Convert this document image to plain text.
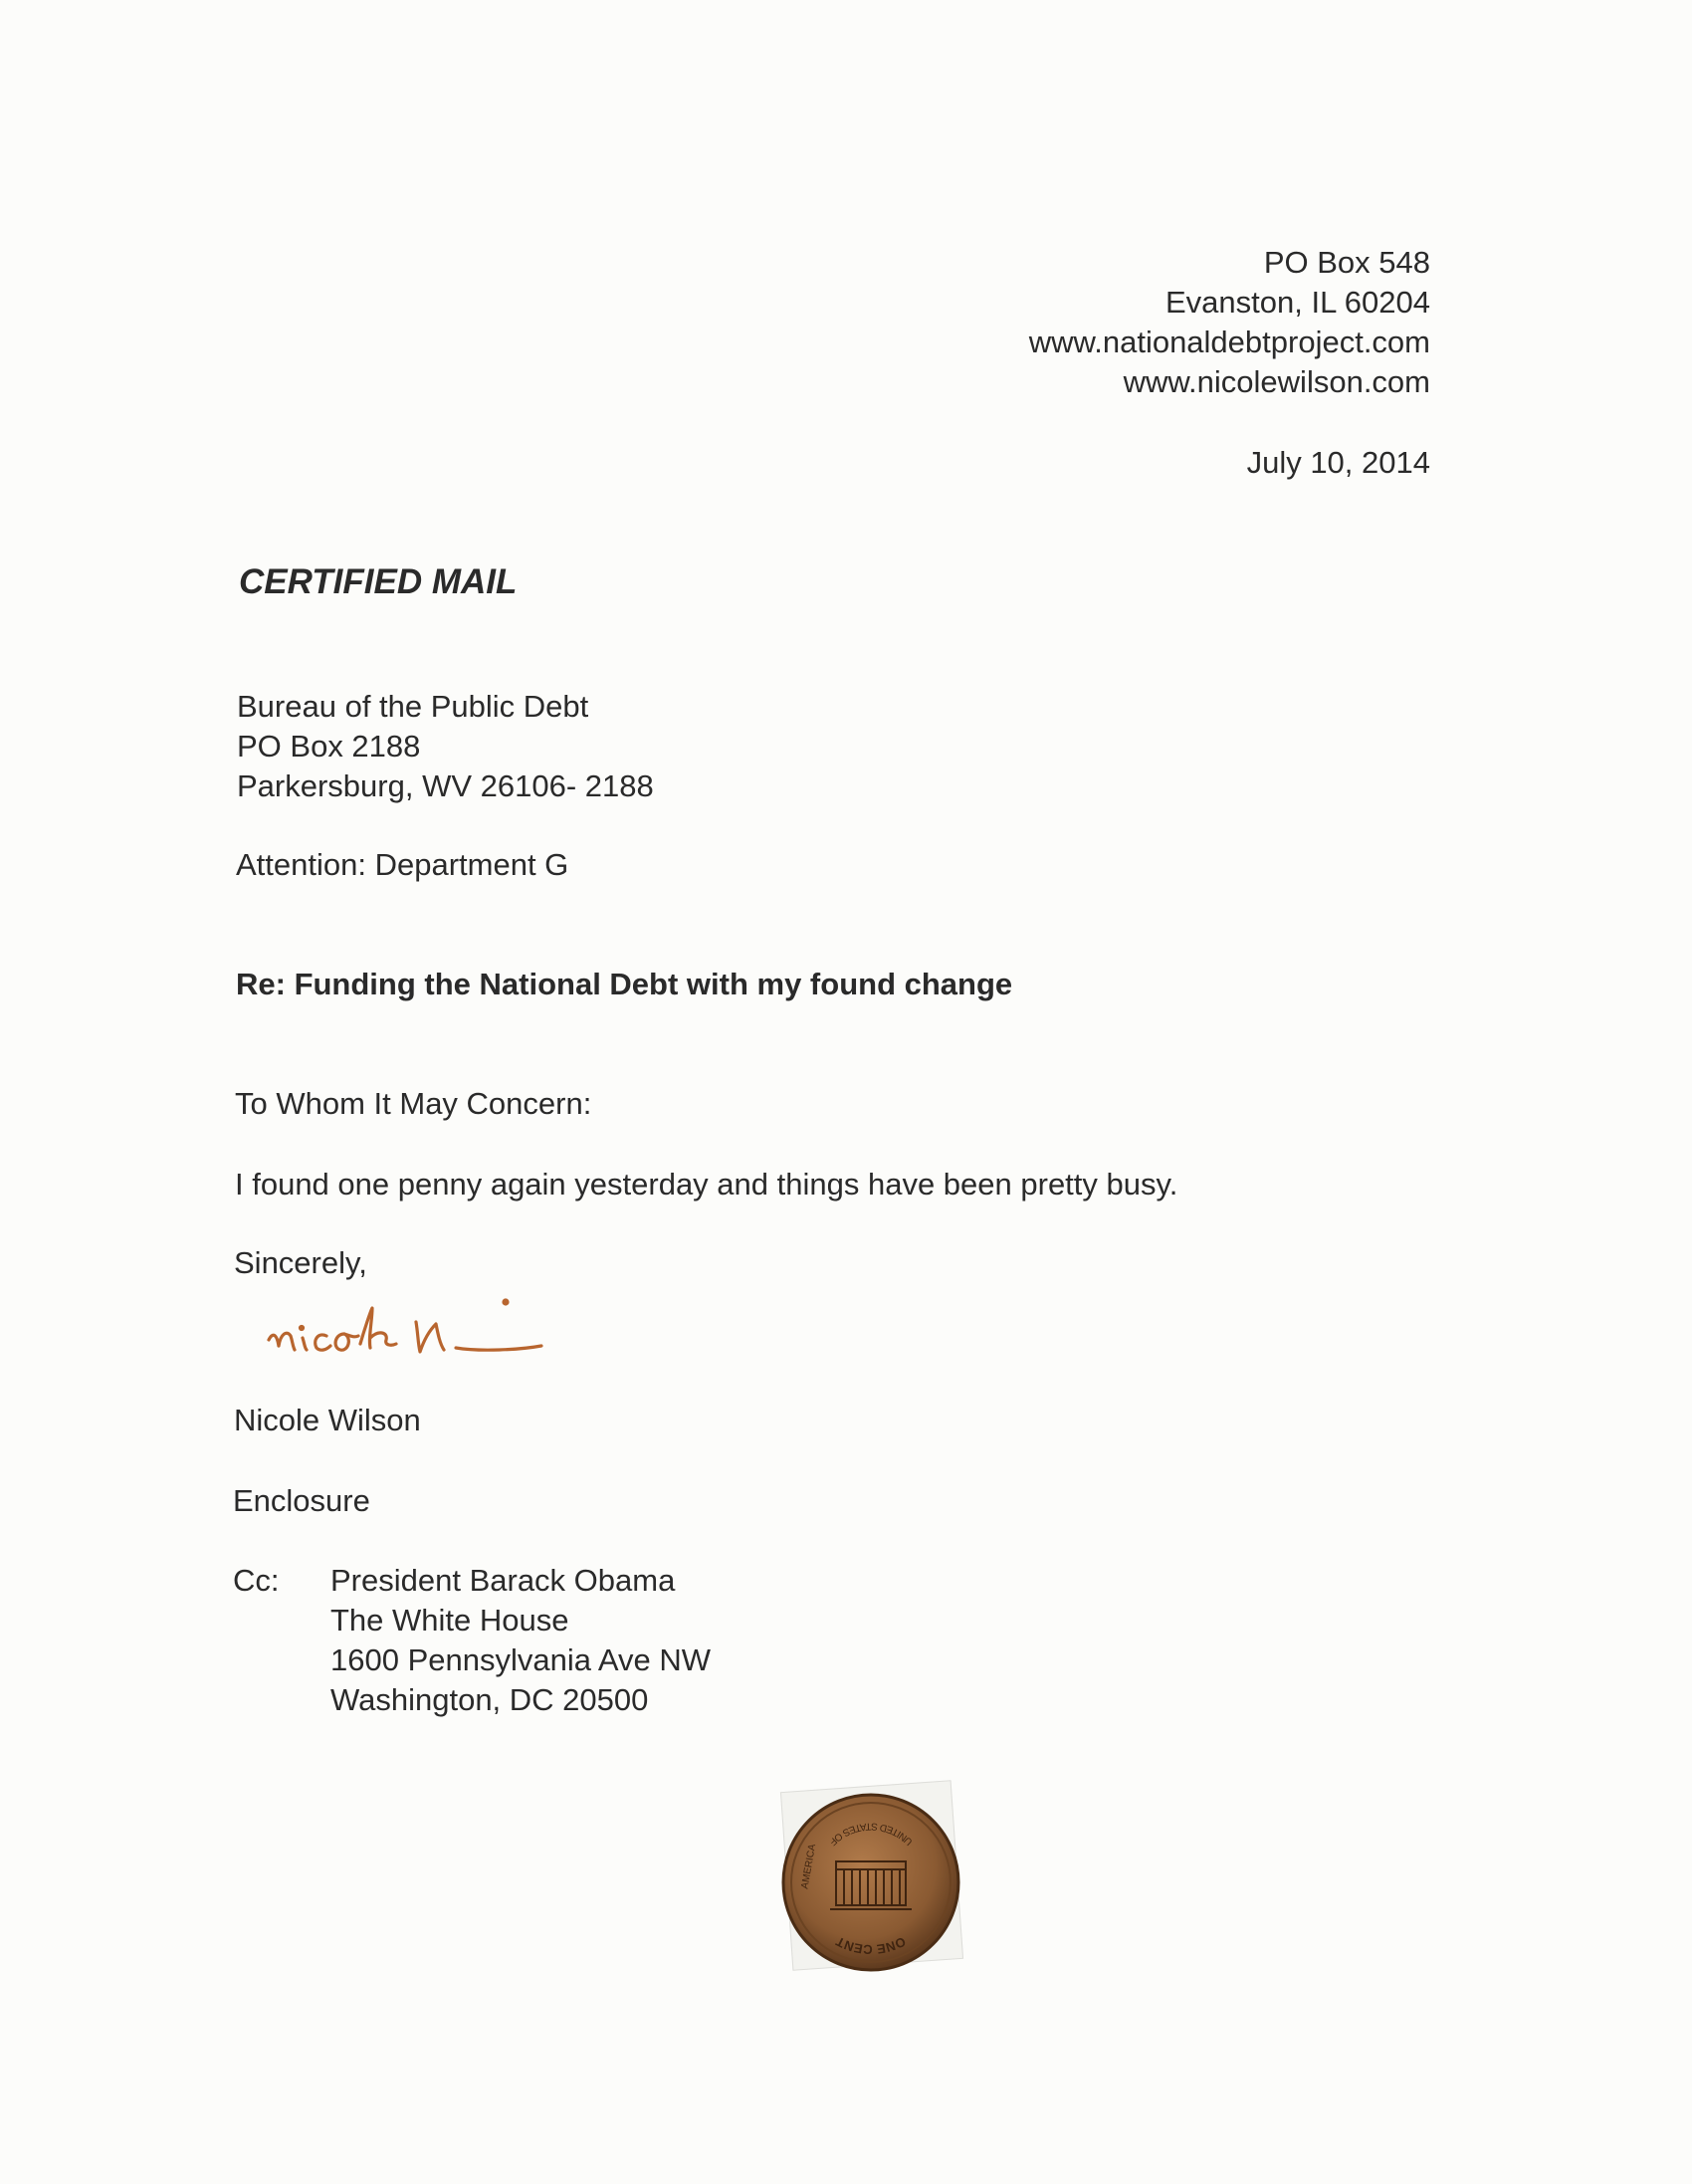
PO Box 548
Evanston, IL 60204
www.nationaldebtproject.com
www.nicolewilson.com
July 10, 2014
CERTIFIED MAIL
Bureau of the Public Debt
PO Box 2188
Parkersburg, WV 26106- 2188
Attention: Department G
Re: Funding the National Debt with my found change
To Whom It May Concern:
I found one penny again yesterday and things have been pretty busy.
Sincerely,
Nicole Wilson
Enclosure
Cc: President Barack Obama
The White House
1600 Pennsylvania Ave NW
Washington, DC 20500
ONE CENT
UNITED STATES OF
AMERICA
